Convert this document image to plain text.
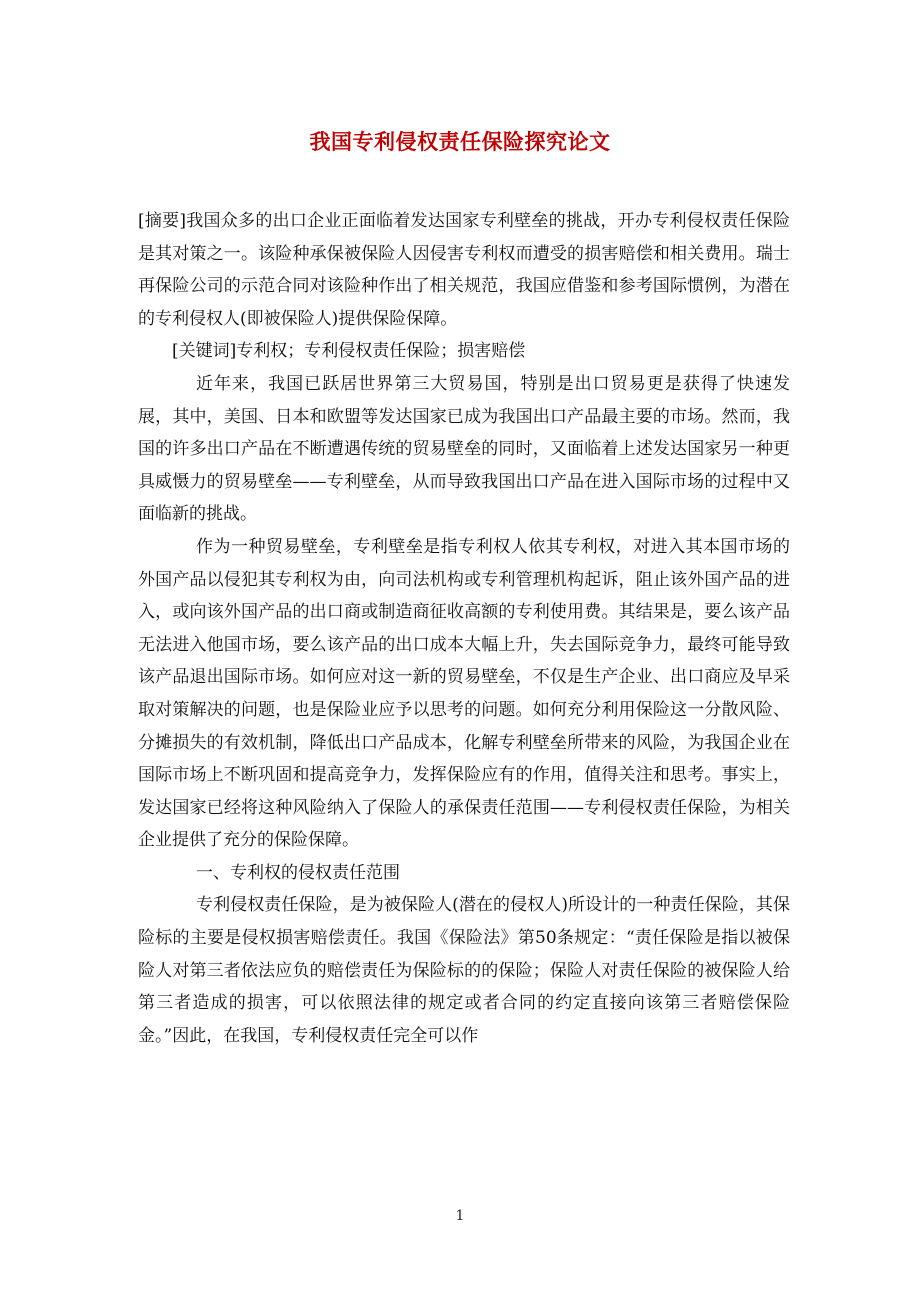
我国专利侵权责任保险探究论文

[摘要]我国众多的出口企业正面临着发达国家专利壁垒的挑战，开办专利侵权责任保险是其对策之一。该险种承保被保险人因侵害专利权而遭受的损害赔偿和相关费用。瑞士再保险公司的示范合同对该险种作出了相关规范，我国应借鉴和参考国际惯例，为潜在的专利侵权人(即被保险人)提供保险保障。

[关键词]专利权；专利侵权责任保险；损害赔偿

近年来，我国已跃居世界第三大贸易国，特别是出口贸易更是获得了快速发展，其中，美国、日本和欧盟等发达国家已成为我国出口产品最主要的市场。然而，我国的许多出口产品在不断遭遇传统的贸易壁垒的同时，又面临着上述发达国家另一种更具威慑力的贸易壁垒——专利壁垒，从而导致我国出口产品在进入国际市场的过程中又面临新的挑战。

作为一种贸易壁垒，专利壁垒是指专利权人依其专利权，对进入其本国市场的外国产品以侵犯其专利权为由，向司法机构或专利管理机构起诉，阻止该外国产品的进入，或向该外国产品的出口商或制造商征收高额的专利使用费。其结果是，要么该产品无法进入他国市场，要么该产品的出口成本大幅上升，失去国际竞争力，最终可能导致该产品退出国际市场。如何应对这一新的贸易壁垒，不仅是生产企业、出口商应及早采取对策解决的问题，也是保险业应予以思考的问题。如何充分利用保险这一分散风险、分摊损失的有效机制，降低出口产品成本，化解专利壁垒所带来的风险，为我国企业在国际市场上不断巩固和提高竞争力，发挥保险应有的作用，值得关注和思考。事实上，发达国家已经将这种风险纳入了保险人的承保责任范围——专利侵权责任保险，为相关企业提供了充分的保险保障。

一、专利权的侵权责任范围

专利侵权责任保险，是为被保险人(潜在的侵权人)所设计的一种责任保险，其保险标的主要是侵权损害赔偿责任。我国《保险法》第50条规定：“责任保险是指以被保险人对第三者依法应负的赔偿责任为保险标的的保险；保险人对责任保险的被保险人给第三者造成的损害，可以依照法律的规定或者合同的约定直接向该第三者赔偿保险金。”因此，在我国，专利侵权责任完全可以作

1
